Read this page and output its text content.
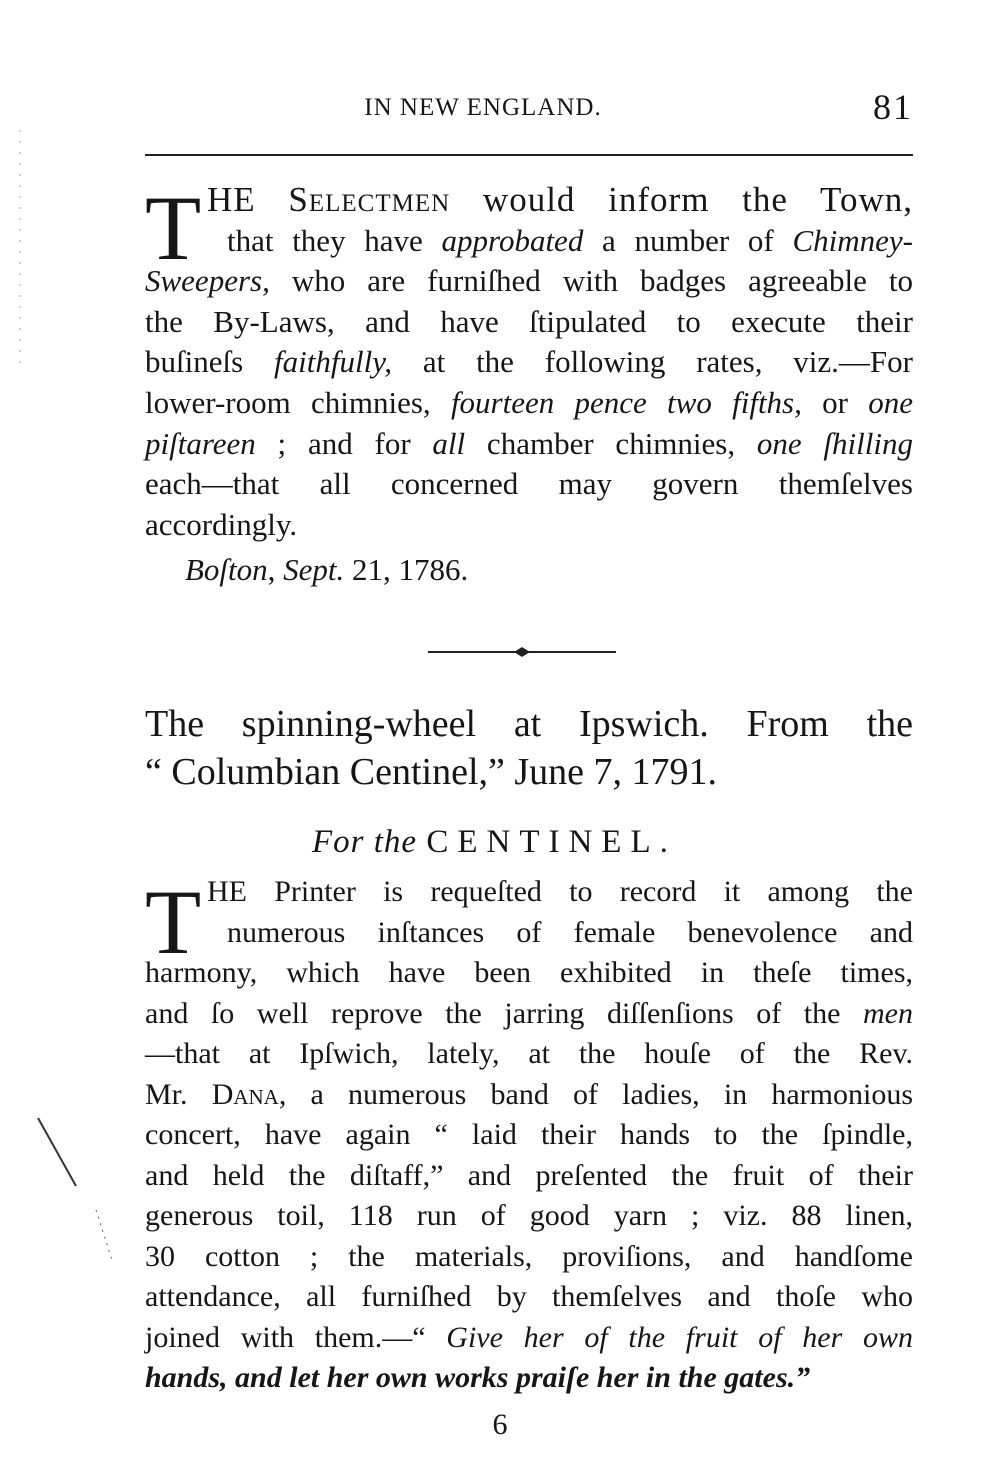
IN NEW ENGLAND.	81
T HE Selectmen would inform the Town,
that they have approbated a number of Chimney-
Sweepers, who are furniſhed with badges agreeable to
the By-Laws, and have ſtipulated to execute their
buſineſs faithfully, at the following rates, viz.—For
lower-room chimnies, fourteen pence two fifths, or one
piſtareen ; and for all chamber chimnies, one ſhilling
each—that all concerned may govern themſelves
accordingly.
Boſton, Sept. 21, 1786.
The spinning-wheel at Ipswich. From the
“ Columbian Centinel,” June 7, 1791.
For the CENTINEL.
T HE Printer is requeſted to record it among the
numerous inſtances of female benevolence and
harmony, which have been exhibited in theſe times,
and ſo well reprove the jarring diſſenſions of the men
—that at Ipſwich, lately, at the houſe of the Rev.
Mr. Dana, a numerous band of ladies, in harmonious
concert, have again “ laid their hands to the ſpindle,
and held the diſtaff,” and preſented the fruit of their
generous toil, 118 run of good yarn ; viz. 88 linen,
30 cotton ; the materials, proviſions, and handſome
attendance, all furniſhed by themſelves and thoſe who
joined with them.—“ Give her of the fruit of her own
hands, and let her own works praiſe her in the gates.”
6
